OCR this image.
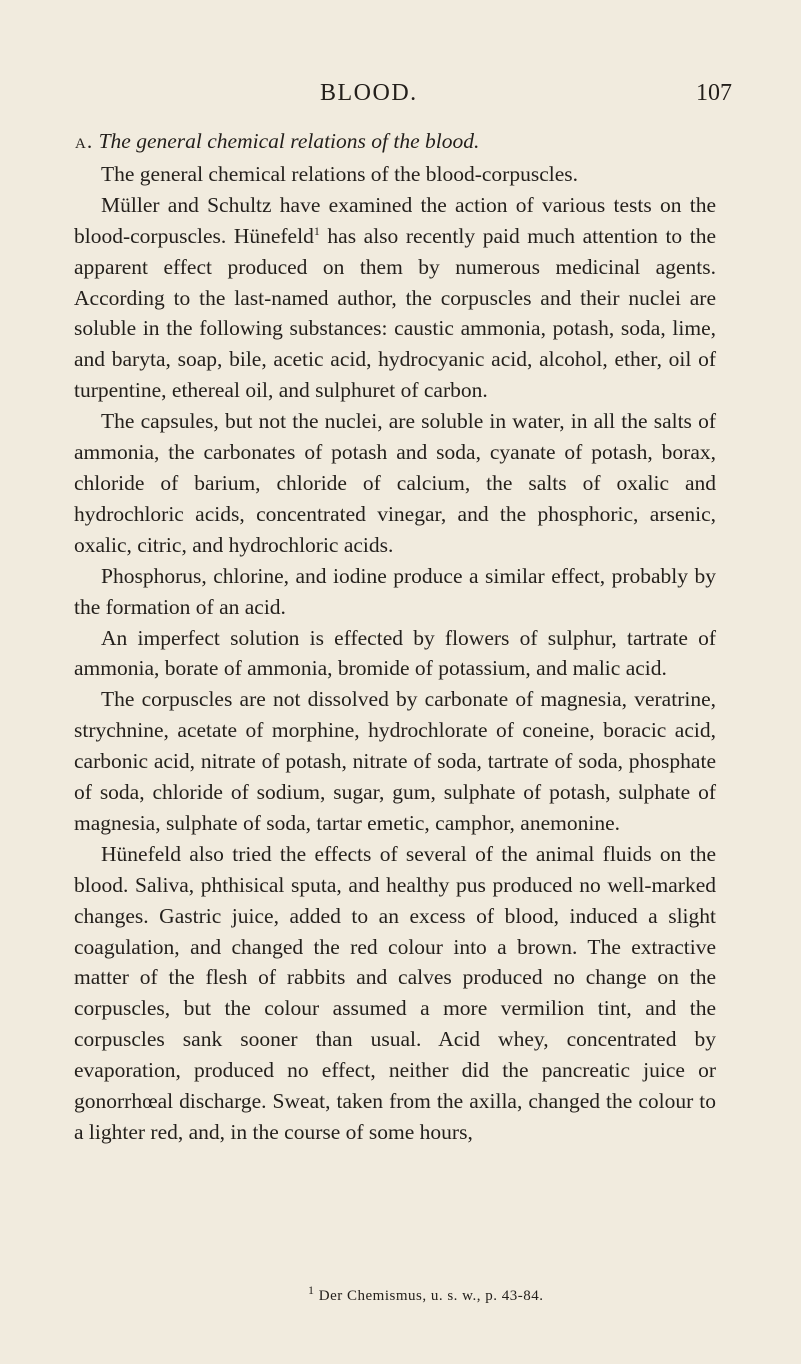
BLOOD.	107

a. The general chemical relations of the blood.

The general chemical relations of the blood-corpuscles.

Müller and Schultz have examined the action of various tests on the blood-corpuscles. Hünefeld$^1$ has also recently paid much attention to the apparent effect produced on them by numerous medicinal agents. According to the last-named author, the corpuscles and their nuclei are soluble in the following substances: caustic ammonia, potash, soda, lime, and baryta, soap, bile, acetic acid, hydrocyanic acid, alcohol, ether, oil of turpentine, ethereal oil, and sulphuret of carbon.

The capsules, but not the nuclei, are soluble in water, in all the salts of ammonia, the carbonates of potash and soda, cyanate of potash, borax, chloride of barium, chloride of calcium, the salts of oxalic and hydrochloric acids, concentrated vinegar, and the phosphoric, arsenic, oxalic, citric, and hydrochloric acids.

Phosphorus, chlorine, and iodine produce a similar effect, probably by the formation of an acid.

An imperfect solution is effected by flowers of sulphur, tartrate of ammonia, borate of ammonia, bromide of potassium, and malic acid.

The corpuscles are not dissolved by carbonate of magnesia, veratrine, strychnine, acetate of morphine, hydrochlorate of coneine, boracic acid, carbonic acid, nitrate of potash, nitrate of soda, tartrate of soda, phosphate of soda, chloride of sodium, sugar, gum, sulphate of potash, sulphate of magnesia, sulphate of soda, tartar emetic, camphor, anemonine.

Hünefeld also tried the effects of several of the animal fluids on the blood. Saliva, phthisical sputa, and healthy pus produced no well-marked changes. Gastric juice, added to an excess of blood, induced a slight coagulation, and changed the red colour into a brown. The extractive matter of the flesh of rabbits and calves produced no change on the corpuscles, but the colour assumed a more vermilion tint, and the corpuscles sank sooner than usual. Acid whey, concentrated by evaporation, produced no effect, neither did the pancreatic juice or gonorrhœal discharge. Sweat, taken from the axilla, changed the colour to a lighter red, and, in the course of some hours,

$^1$ Der Chemismus, u. s. w., p. 43-84.
